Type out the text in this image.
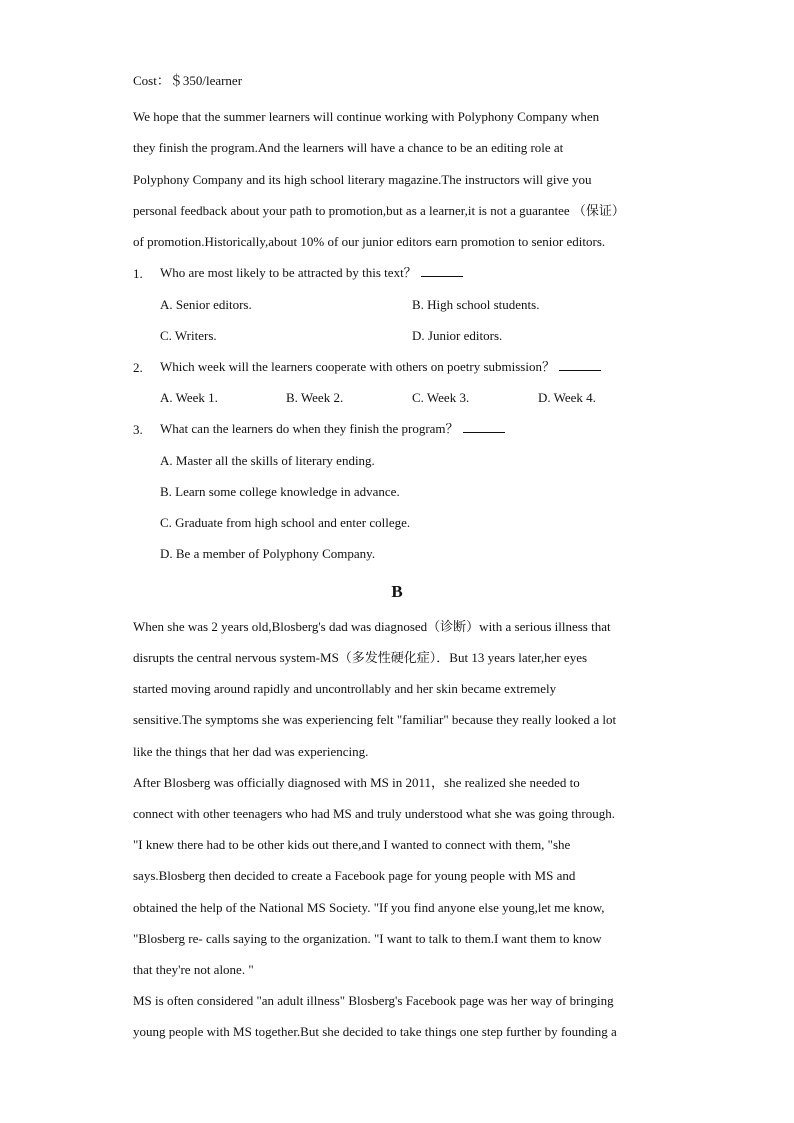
Cost：＄350/learner
We hope that the summer learners will continue working with Polyphony Company when
they finish the program.And the learners will have a chance to be an editing role at
Polyphony Company and its high school literary magazine.The instructors will give you
personal feedback about your path to promotion,but as a learner,it is not a guarantee （保证）
of promotion.Historically,about 10% of our junior editors earn promotion to senior editors.
1.	Who are most likely to be attracted by this text？
A. Senior editors.	B. High school students.
C. Writers.	D. Junior editors.
2.	Which week will the learners cooperate with others on poetry submission？
A. Week 1.	B. Week 2.	C. Week 3.	D. Week 4.
3.	What can the learners do when they finish the program？
A. Master all the skills of literary ending.
B. Learn some college knowledge in advance.
C. Graduate from high school and enter college.
D. Be a member of Polyphony Company.
B
When she was 2 years old,Blosberg's dad was diagnosed（诊断）with a serious illness that
disrupts the central nervous system-MS（多发性硬化症）．But 13 years later,her eyes
started moving around rapidly and uncontrollably and her skin became extremely
sensitive.The symptoms she was experiencing felt "familiar" because they really looked a lot
like the things that her dad was experiencing.
After Blosberg was officially diagnosed with MS in 2011，she realized she needed to
connect with other teenagers who had MS and truly understood what she was going through.
"I knew there had to be other kids out there,and I wanted to connect with them, "she
says.Blosberg then decided to create a Facebook page for young people with MS and
obtained the help of the National MS Society. "If you find anyone else young,let me know,
"Blosberg re- calls saying to the organization. "I want to talk to them.I want them to know
that they're not alone. "
MS is often considered "an adult illness" Blosberg's Facebook page was her way of bringing
young people with MS together.But she decided to take things one step further by founding a
